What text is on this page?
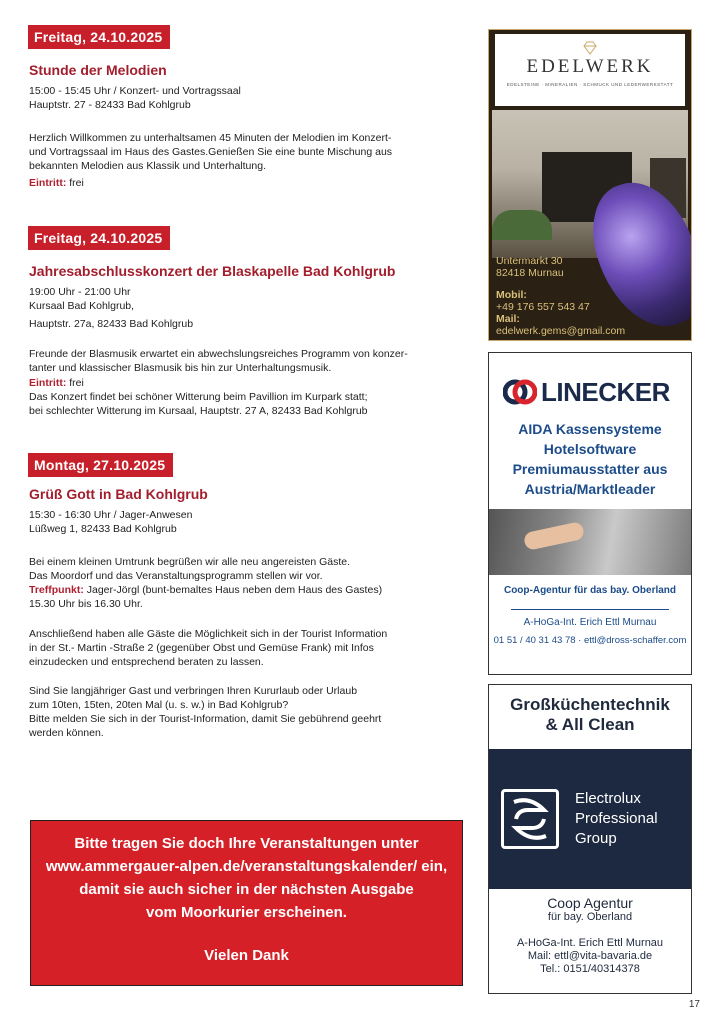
Freitag, 24.10.2025
Stunde der Melodien
15:00 - 15:45 Uhr / Konzert- und Vortragssaal
Hauptstr. 27 - 82433 Bad Kohlgrub
Herzlich Willkommen zu unterhaltsamen 45 Minuten der Melodien im Konzert-
und Vortragssaal im Haus des Gastes.Genießen Sie eine bunte Mischung aus
bekannten Melodien aus Klassik und Unterhaltung.
Eintritt: frei
Freitag, 24.10.2025
Jahresabschlusskonzert der Blaskapelle Bad Kohlgrub
19:00 Uhr - 21:00 Uhr
Kursaal Bad Kohlgrub,
Hauptstr. 27a, 82433 Bad Kohlgrub
Freunde der Blasmusik erwartet ein abwechslungsreiches Programm von konzer-
tanter und klassischer Blasmusik bis hin zur Unterhaltungsmusik.
Eintritt: frei
Das Konzert findet bei schöner Witterung beim Pavillion im Kurpark statt;
bei schlechter Witterung im Kursaal, Hauptstr. 27 A, 82433 Bad Kohlgrub
Montag, 27.10.2025
Grüß Gott in Bad Kohlgrub
15:30 - 16:30 Uhr / Jager-Anwesen
Lüßweg 1, 82433 Bad Kohlgrub
Bei einem kleinen Umtrunk begrüßen wir alle neu angereisten Gäste.
Das Moordorf und das Veranstaltungsprogramm stellen wir vor.
Treffpunkt: Jager-Jörgl (bunt-bemaltes Haus neben dem Haus des Gastes)
15.30 Uhr bis 16.30 Uhr.
Anschließend haben alle Gäste die Möglichkeit sich in der Tourist Information
in der St.- Martin -Straße 2 (gegenüber Obst und Gemüse Frank) mit Infos
einzudecken und entsprechend beraten zu lassen.
Sind Sie langjähriger Gast und verbringen Ihren Kururlaub oder Urlaub
zum 10ten, 15ten, 20ten Mal (u. s. w.) in Bad Kohlgrub?
Bitte melden Sie sich in der Tourist-Information, damit Sie gebührend geehrt
werden können.
Bitte tragen Sie doch Ihre Veranstaltungen unter
www.ammergauer-alpen.de/veranstaltungskalender/ ein,
damit sie auch sicher in der nächsten Ausgabe
vom Moorkurier erscheinen.
Vielen Dank
EDELWERK
EDELSTEINE · MINERALIEN · SCHMUCK UND LEDERWERKSTATT
Untermarkt 30
82418 Murnau
Mobil:
+49 176 557 543 47
Mail:
edelwerk.gems@gmail.com
LINECKER
AIDA Kassensysteme
Hotelsoftware
Premiumausstatter aus
Austria/Marktleader
Coop-Agentur für das bay. Oberland
A-HoGa-Int. Erich Ettl Murnau
01 51 / 40 31 43 78 · ettl@dross-schaffer.com
Großküchentechnik
& All Clean
Electrolux
Professional
Group
Coop Agentur
für bay. Oberland
A-HoGa-Int. Erich Ettl Murnau
Mail: ettl@vita-bavaria.de
Tel.: 0151/40314378
17
